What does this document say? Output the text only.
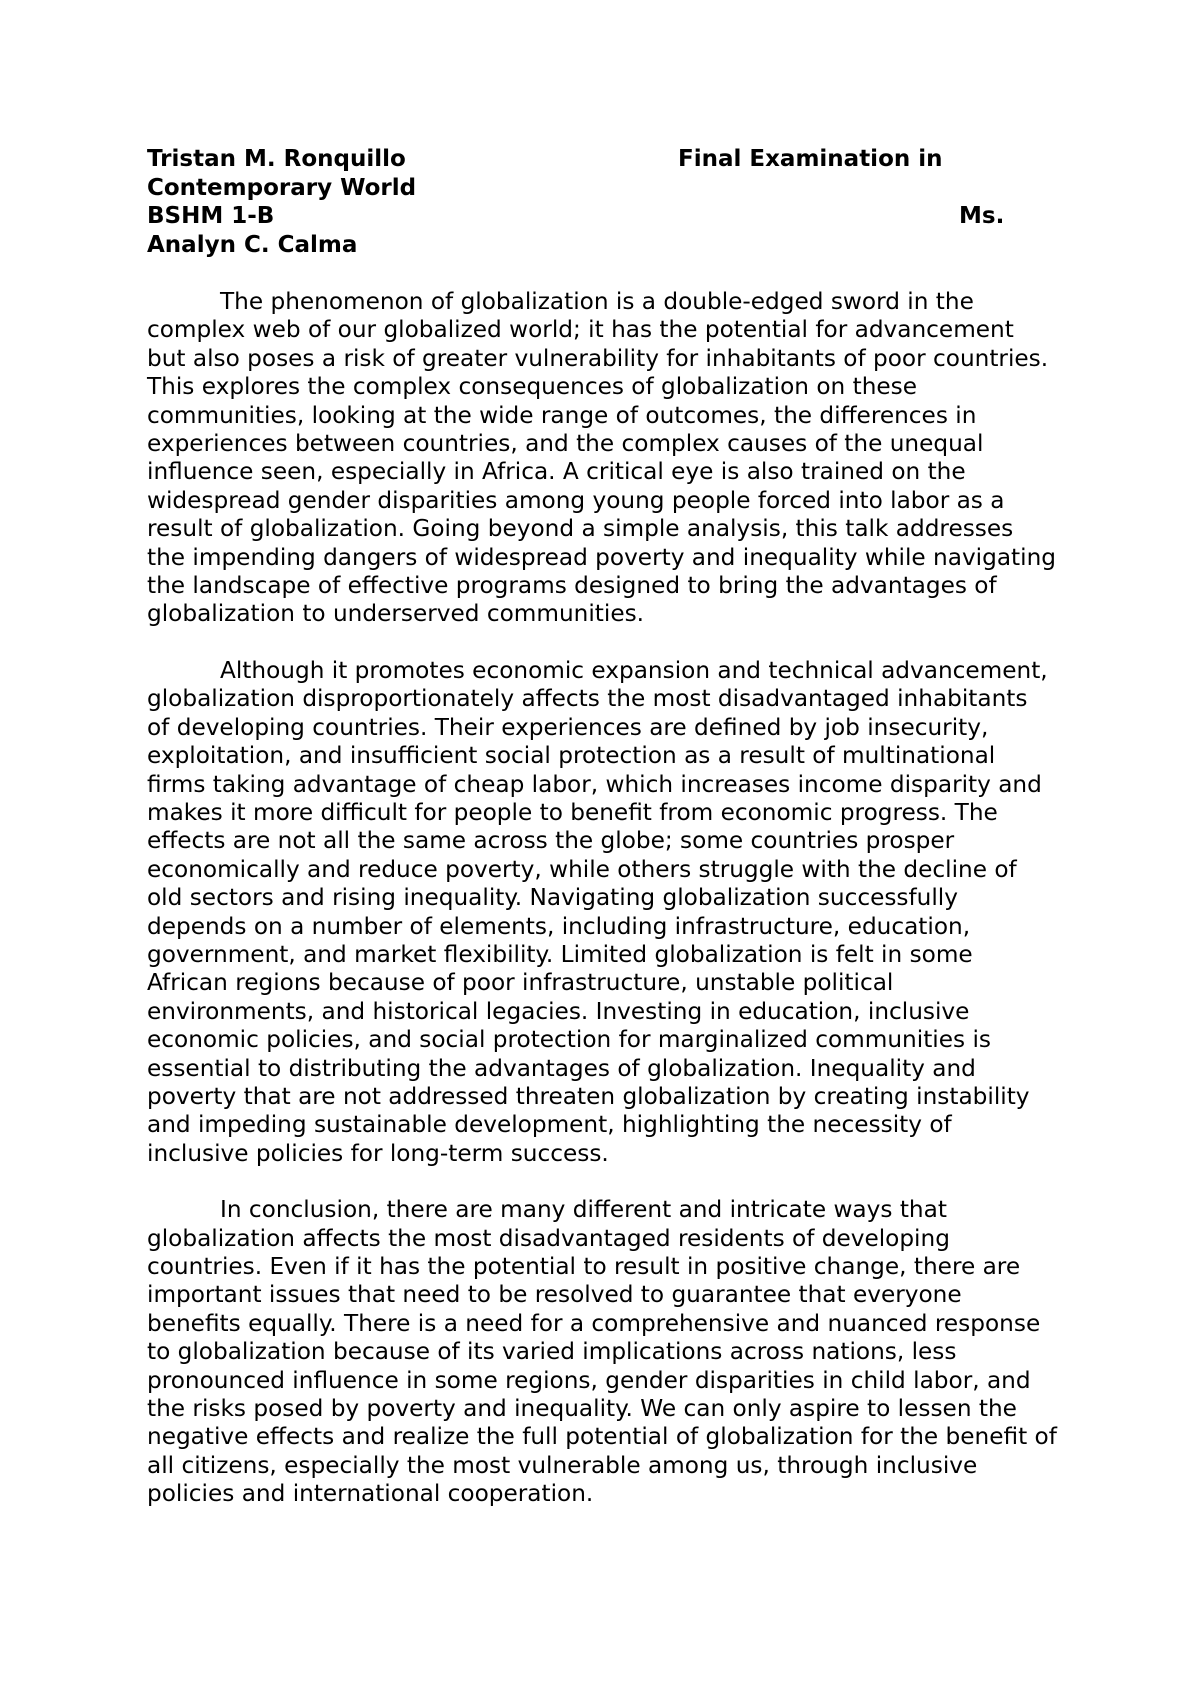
Tristan M. Ronquillo	Final Examination in
Contemporary World
BSHM 1-B	Ms.
Analyn C. Calma

The phenomenon of globalization is a double-edged sword in the complex web of our globalized world; it has the potential for advancement but also poses a risk of greater vulnerability for inhabitants of poor countries. This explores the complex consequences of globalization on these communities, looking at the wide range of outcomes, the differences in experiences between countries, and the complex causes of the unequal influence seen, especially in Africa. A critical eye is also trained on the widespread gender disparities among young people forced into labor as a result of globalization. Going beyond a simple analysis, this talk addresses the impending dangers of widespread poverty and inequality while navigating the landscape of effective programs designed to bring the advantages of globalization to underserved communities.

Although it promotes economic expansion and technical advancement, globalization disproportionately affects the most disadvantaged inhabitants of developing countries. Their experiences are defined by job insecurity, exploitation, and insufficient social protection as a result of multinational firms taking advantage of cheap labor, which increases income disparity and makes it more difficult for people to benefit from economic progress. The effects are not all the same across the globe; some countries prosper economically and reduce poverty, while others struggle with the decline of old sectors and rising inequality. Navigating globalization successfully depends on a number of elements, including infrastructure, education, government, and market flexibility. Limited globalization is felt in some African regions because of poor infrastructure, unstable political environments, and historical legacies. Investing in education, inclusive economic policies, and social protection for marginalized communities is essential to distributing the advantages of globalization. Inequality and poverty that are not addressed threaten globalization by creating instability and impeding sustainable development, highlighting the necessity of inclusive policies for long-term success.

In conclusion, there are many different and intricate ways that globalization affects the most disadvantaged residents of developing countries. Even if it has the potential to result in positive change, there are important issues that need to be resolved to guarantee that everyone benefits equally. There is a need for a comprehensive and nuanced response to globalization because of its varied implications across nations, less pronounced influence in some regions, gender disparities in child labor, and the risks posed by poverty and inequality. We can only aspire to lessen the negative effects and realize the full potential of globalization for the benefit of all citizens, especially the most vulnerable among us, through inclusive policies and international cooperation.
